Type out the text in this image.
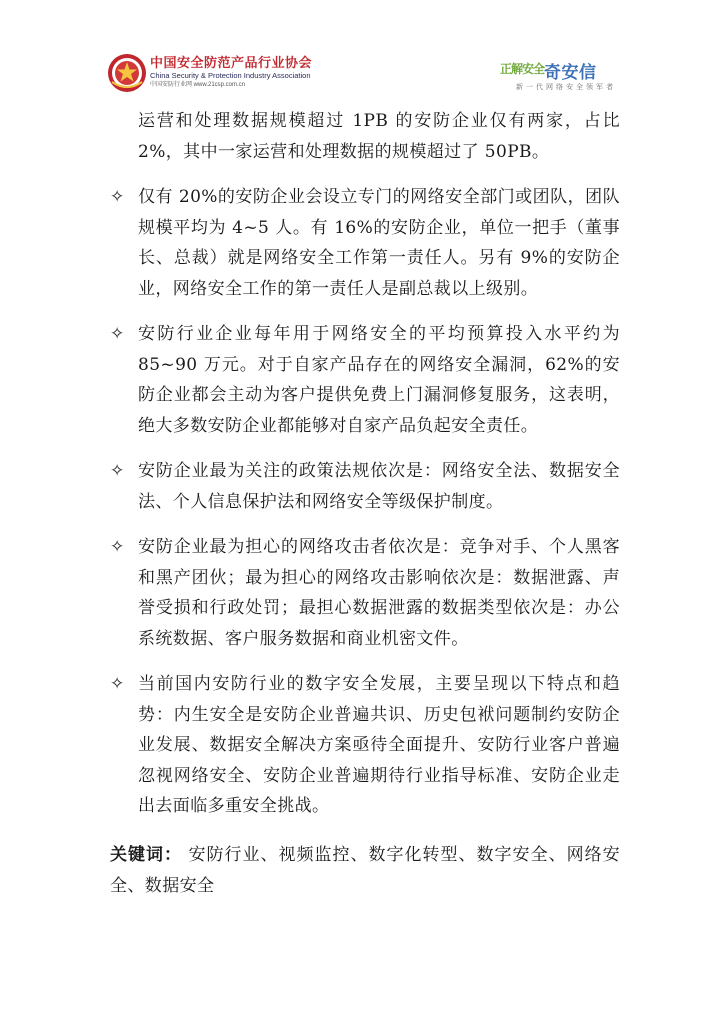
中国安全防范产品行业协会
China Security & Protection Industry Association
中国安防行业网 www.21csp.com.cn
正解安全 奇安信
新一代网络安全领军者

运营和处理数据规模超过 1PB 的安防企业仅有两家，占比 2%，其中一家运营和处理数据的规模超过了 50PB。

✧ 仅有 20%的安防企业会设立专门的网络安全部门或团队，团队规模平均为 4~5 人。有 16%的安防企业，单位一把手（董事长、总裁）就是网络安全工作第一责任人。另有 9%的安防企业，网络安全工作的第一责任人是副总裁以上级别。
✧ 安防行业企业每年用于网络安全的平均预算投入水平约为 85~90 万元。对于自家产品存在的网络安全漏洞，62%的安防企业都会主动为客户提供免费上门漏洞修复服务，这表明，绝大多数安防企业都能够对自家产品负起安全责任。
✧ 安防企业最为关注的政策法规依次是：网络安全法、数据安全法、个人信息保护法和网络安全等级保护制度。
✧ 安防企业最为担心的网络攻击者依次是：竞争对手、个人黑客和黑产团伙；最为担心的网络攻击影响依次是：数据泄露、声誉受损和行政处罚；最担心数据泄露的数据类型依次是：办公系统数据、客户服务数据和商业机密文件。
✧ 当前国内安防行业的数字安全发展，主要呈现以下特点和趋势：内生安全是安防企业普遍共识、历史包袱问题制约安防企业发展、数据安全解决方案亟待全面提升、安防行业客户普遍忽视网络安全、安防企业普遍期待行业指导标准、安防企业走出去面临多重安全挑战。
关键词： 安防行业、视频监控、数字化转型、数字安全、网络安全、数据安全
